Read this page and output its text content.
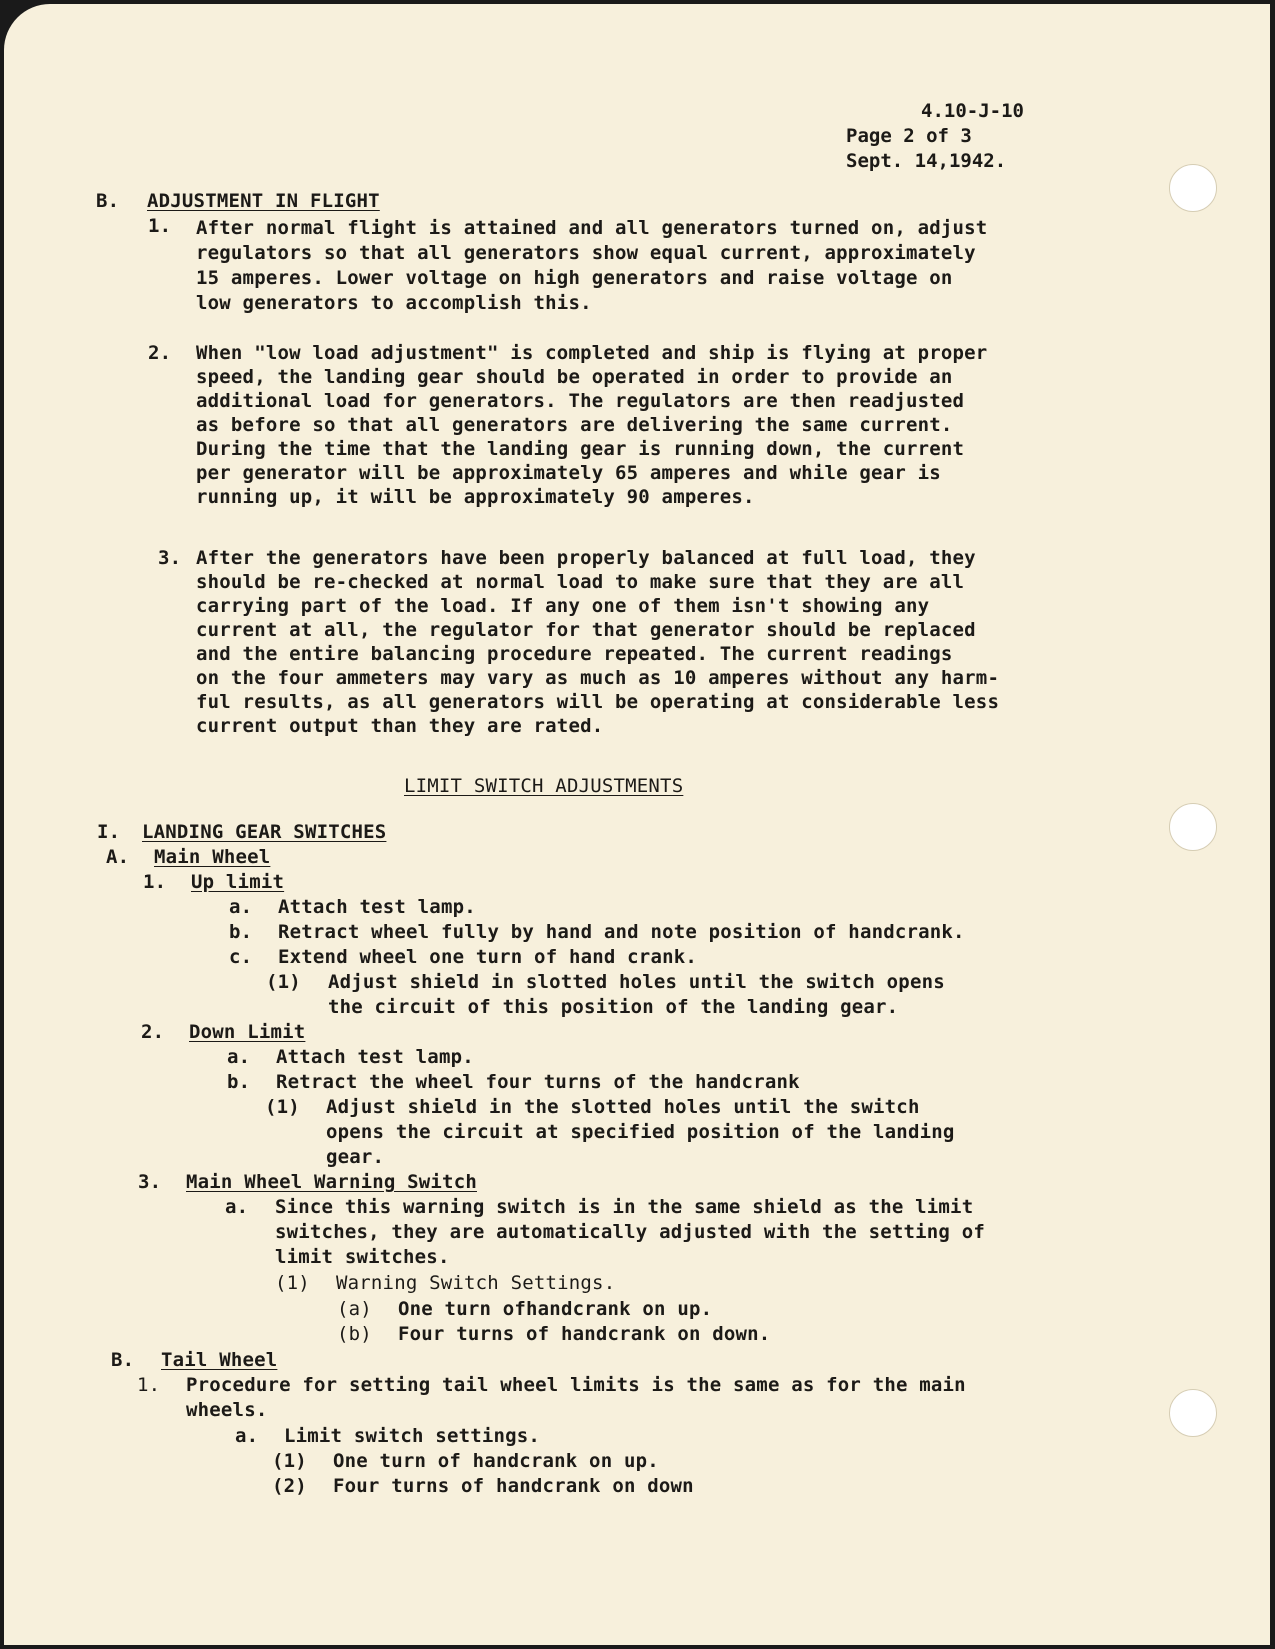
4.10-J-10
Page 2 of 3
Sept. 14,1942.
B. ADJUSTMENT IN FLIGHT
1. After normal flight is attained and all generators turned on, adjust
regulators so that all generators show equal current, approximately
15 amperes. Lower voltage on high generators and raise voltage on
low generators to accomplish this.
2. When "low load adjustment" is completed and ship is flying at proper
speed, the landing gear should be operated in order to provide an
additional load for generators. The regulators are then readjusted
as before so that all generators are delivering the same current.
During the time that the landing gear is running down, the current
per generator will be approximately 65 amperes and while gear is
running up, it will be approximately 90 amperes.
3. After the generators have been properly balanced at full load, they
should be re-checked at normal load to make sure that they are all
carrying part of the load. If any one of them isn't showing any
current at all, the regulator for that generator should be replaced
and the entire balancing procedure repeated. The current readings
on the four ammeters may vary as much as 10 amperes without any harm-
ful results, as all generators will be operating at considerable less
current output than they are rated.
LIMIT SWITCH ADJUSTMENTS
I. LANDING GEAR SWITCHES
A. Main Wheel
1. Up limit
a. Attach test lamp.
b. Retract wheel fully by hand and note position of handcrank.
c. Extend wheel one turn of hand crank.
(1) Adjust shield in slotted holes until the switch opens
the circuit of this position of the landing gear.
2. Down Limit
a. Attach test lamp.
b. Retract the wheel four turns of the handcrank
(1) Adjust shield in the slotted holes until the switch
opens the circuit at specified position of the landing
gear.
3. Main Wheel Warning Switch
a. Since this warning switch is in the same shield as the limit
switches, they are automatically adjusted with the setting of
limit switches.
(1) Warning Switch Settings.
(a) One turn ofhandcrank on up.
(b) Four turns of handcrank on down.
B. Tail Wheel
1. Procedure for setting tail wheel limits is the same as for the main
wheels.
a. Limit switch settings.
(1) One turn of handcrank on up.
(2) Four turns of handcrank on down
